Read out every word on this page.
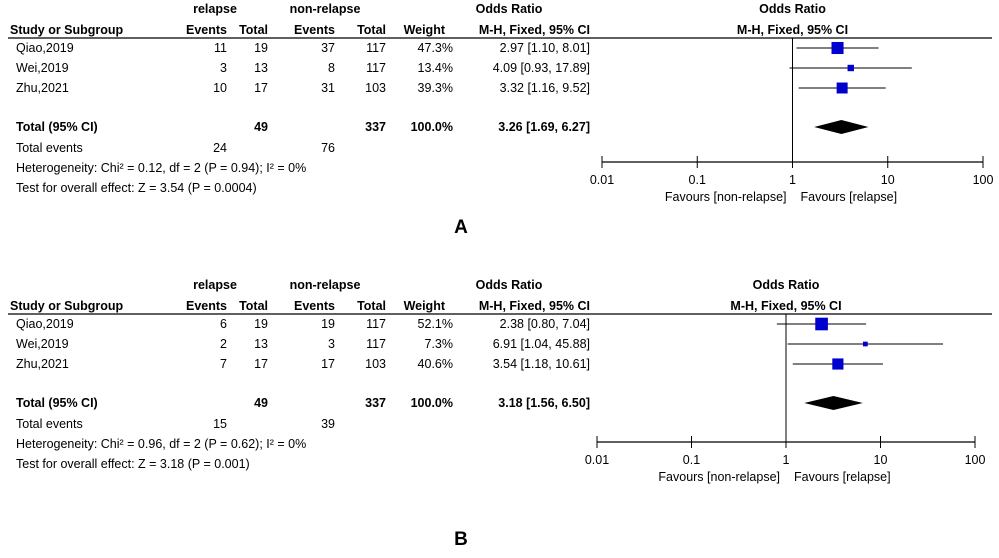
relapse	non-relapse	Odds Ratio	Odds Ratio
Study or Subgroup	Events Total Events Total Weight	M-H, Fixed, 95% CI	M-H, Fixed, 95% CI
Qiao,2019	11 19	37 117	47.3%	2.97 [1.10, 8.01]
Wei,2019	3 13	8 117	13.4%	4.09 [0.93, 17.89]
Zhu,2021	10 17	31 103	39.3%	3.32 [1.16, 9.52]
Total (95% CI)	49	337 100.0%	3.26 [1.69, 6.27]
Total events	24	76
Heterogeneity: Chi² = 0.12, df = 2 (P = 0.94); I² = 0%
Test for overall effect: Z = 3.54 (P = 0.0004)
0.01	0.1	1	10	100
Favours [non-relapse] Favours [relapse]
A
relapse	non-relapse	Odds Ratio	Odds Ratio
Study or Subgroup	Events Total Events Total Weight	M-H, Fixed, 95% CI	M-H, Fixed, 95% CI
Qiao,2019	6 19	19 117	52.1%	2.38 [0.80, 7.04]
Wei,2019	2 13	3 117	7.3%	6.91 [1.04, 45.88]
Zhu,2021	7 17	17 103	40.6%	3.54 [1.18, 10.61]
Total (95% CI)	49	337 100.0%	3.18 [1.56, 6.50]
Total events	15	39
Heterogeneity: Chi² = 0.96, df = 2 (P = 0.62); I² = 0%
Test for overall effect: Z = 3.18 (P = 0.001)	0.01	0.1	1	10	100
Favours [non-relapse] Favours [relapse]
B
